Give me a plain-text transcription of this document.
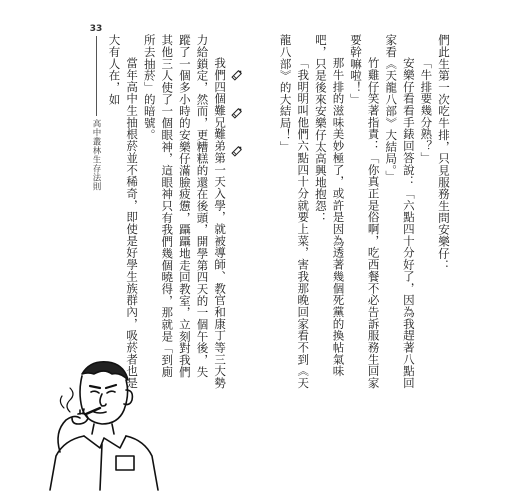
33
高中叢林生存法則	們此生第一次吃牛排，只見服務生問安樂仔：

「牛排要幾分熟？」

安樂仔看看手錶回答說：「六點四十分好了，因為我趕著八點回家看《天龍八部》大結局。」

竹雞仔笑著指責：「你真正是俗啊，吃西餐不必告訴服務生回家要幹嘛啦！」

那牛排的滋味美妙極了，或許是因為透著幾個死黨的換帖氣味吧，只是後來安樂仔太高興地抱怨：

「我明明叫他們六點四十分就要上菜，害我那晚回家看不到《天龍八部》的大結局！」

我們四個難兄難弟第一天入學，就被導師、教官和康丁等三大勢力給鎖定，然而，更糟糕的還在後頭，開學第四天的一個午後，失蹤了一個多小時的安樂仔滿臉疲憊，躡躡地走回教室，立刻對我們其他三人使了一個眼神，這眼神只有我們幾個曉得，那就是「到廁所去抽菸」的暗號。

當年高中生抽根菸並不稀奇，即使是好學生族群內，吸菸者也是大有人在，如
